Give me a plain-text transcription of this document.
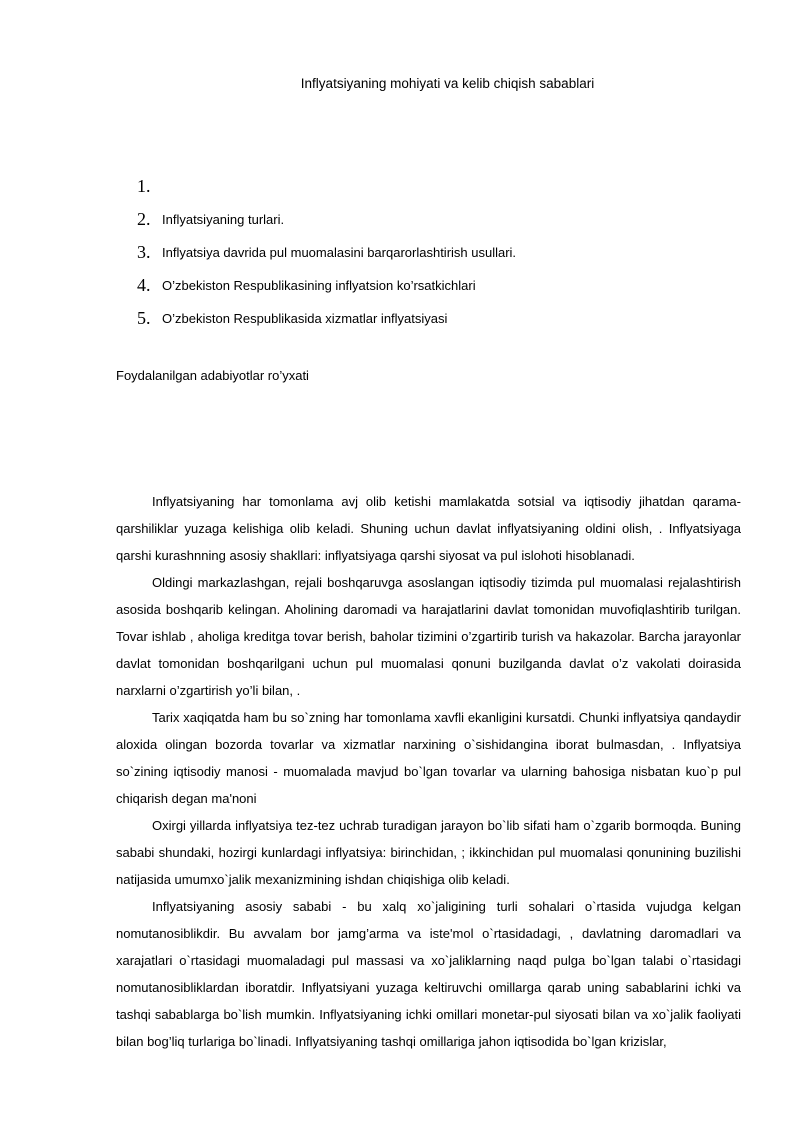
Inflyatsiyaning mohiyati va kelib chiqish sabablari
1.
2. Inflyatsiyaning turlari.
3. Inflyatsiya davrida pul muomalasini barqarorlashtirish usullari.
4. O’zbekiston Respublikasining inflyatsion ko’rsatkichlari
5. O’zbekiston Respublikasida xizmatlar inflyatsiyasi
Foydalanilgan adabiyotlar ro’yxati

Inflyatsiyaning har tomonlama avj olib ketishi mamlakatda sotsial va iqtisodiy jihatdan qarama-qarshiliklar yuzaga kelishiga olib keladi. Shuning uchun davlat inflyatsiyaning oldini olish, . Inflyatsiyaga qarshi kurashnning asosiy shakllari: inflyatsiyaga qarshi siyosat va pul islohoti hisoblanadi.

Oldingi markazlashgan, rejali boshqaruvga asoslangan iqtisodiy tizimda pul muomalasi rejalashtirish asosida boshqarib kelingan. Aholining daromadi va harajatlarini davlat tomonidan muvofiqlashtirib turilgan. Tovar ishlab , aholiga kreditga tovar berish, baholar tizimini o’zgartirib turish va hakazolar. Barcha jarayonlar davlat tomonidan boshqarilgani uchun pul muomalasi qonuni buzilganda davlat o’z vakolati doirasida narxlarni o’zgartirish yo’li bilan, .

Tarix xaqiqatda ham bu so`zning har tomonlama xavfli ekanligini kursatdi. Chunki inflyatsiya qandaydir aloxida olingan bozorda tovarlar va xizmatlar narxining o`sishidangina iborat bulmasdan, . Inflyatsiya so`zining iqtisodiy manosi - muomalada mavjud bo`lgan tovarlar va ularning bahosiga nisbatan kuo`p pul chiqarish degan ma'noni

Oxirgi yillarda inflyatsiya tez-tez uchrab turadigan jarayon bo`lib sifati ham o`zgarib bormoqda. Buning sababi shundaki, hozirgi kunlardagi inflyatsiya: birinchidan, ; ikkinchidan pul muomalasi qonunining buzilishi natijasida umumxo`jalik mexanizmining ishdan chiqishiga olib keladi.

Inflyatsiyaning asosiy sababi - bu xalq xo`jaligining turli sohalari o`rtasida vujudga kelgan nomutanosiblikdir. Bu avvalam bor jamg’arma va iste'mol o`rtasidadagi, , davlatning daromadlari va xarajatlari o`rtasidagi muomaladagi pul massasi va xo`jaliklarning naqd pulga bo`lgan talabi o`rtasidagi nomutanosibliklardan iboratdir. Inflyatsiyani yuzaga keltiruvchi omillarga qarab uning sabablarini ichki va tashqi sabablarga bo`lish mumkin. Inflyatsiyaning ichki omillari monetar-pul siyosati bilan va xo`jalik faoliyati bilan bog’liq turlariga bo`linadi. Inflyatsiyaning tashqi omillariga jahon iqtisodida bo`lgan krizislar,
